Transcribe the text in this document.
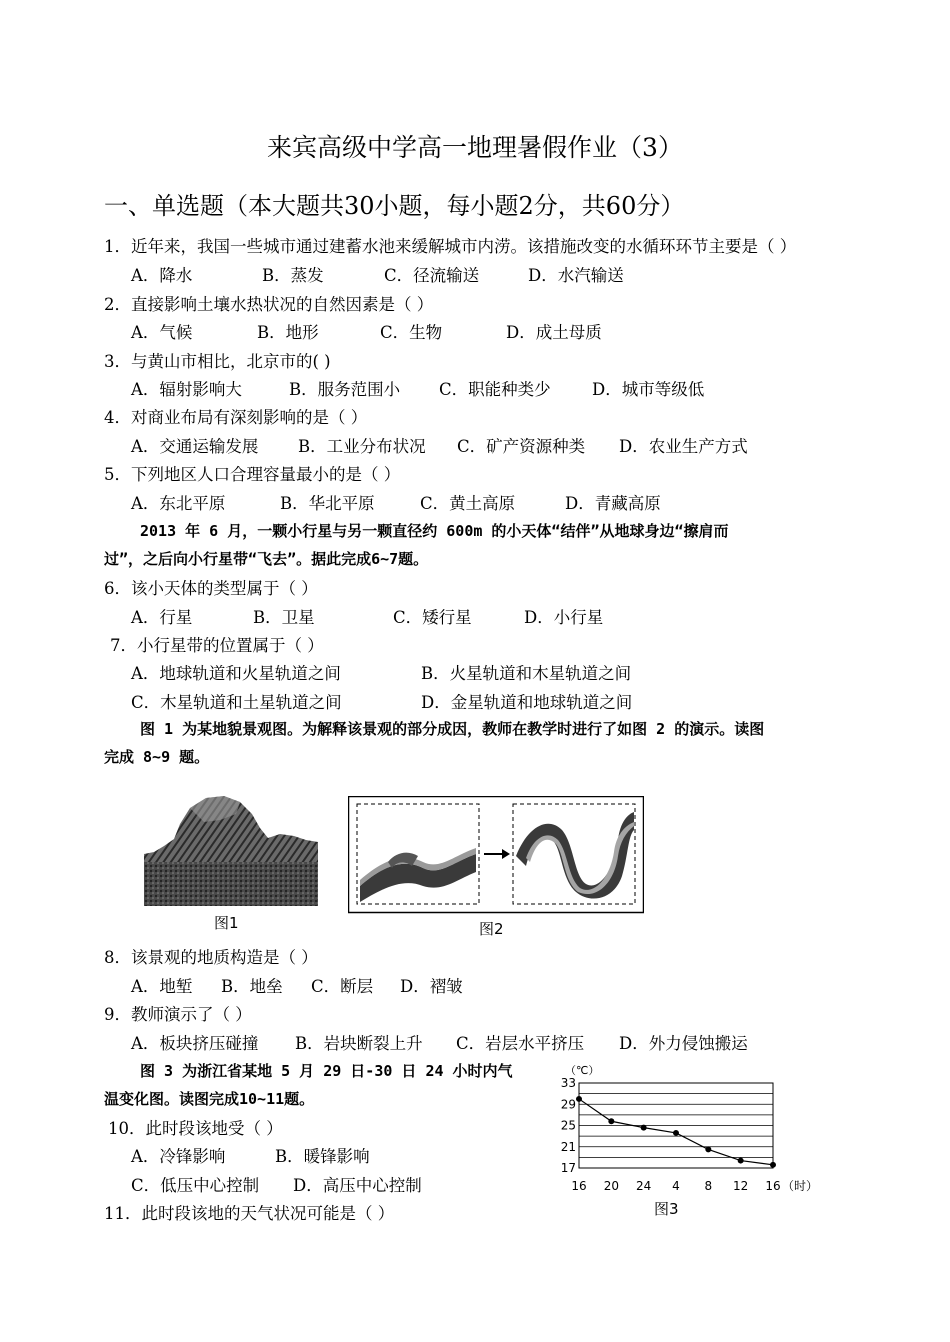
来宾高级中学高一地理暑假作业（3）
一、单选题（本大题共30小题，每小题2分，共60分）
1．近年来，我国一些城市通过建蓄水池来缓解城市内涝。该措施改变的水循环环节主要是（ ）
A．降水	B．蒸发	C．径流输送	D．水汽输送
2．直接影响土壤水热状况的自然因素是（ ）
A．气候	B．地形	C．生物	D．成土母质
3．与黄山市相比，北京市的( )
A．辐射影响大	B．服务范围小 C．职能种类少	D．城市等级低
4．对商业布局有深刻影响的是（ ）
A．交通运输发展 B．工业分布状况 C．矿产资源种类 D．农业生产方式
5．下列地区人口合理容量最小的是（ ）
A．东北平原	B．华北平原	C．黄土高原	D．青藏高原
2013 年 6 月，一颗小行星与另一颗直径约 600m 的小天体“结伴”从地球身边“擦肩而
过”，之后向小行星带“飞去”。据此完成6~7题。
6．该小天体的类型属于（ ）
A．行星	B．卫星	C．矮行星	D．小行星
7．小行星带的位置属于（ ）
A．地球轨道和火星轨道之间	B．火星轨道和木星轨道之间
C．木星轨道和土星轨道之间	D．金星轨道和地球轨道之间
图 1 为某地貌景观图。为解释该景观的部分成因，教师在教学时进行了如图 2 的演示。读图
完成 8~9 题。
图1	图2
8．该景观的地质构造是（ ）
A．地堑 B．地垒 C．断层 D．褶皱
9．教师演示了（ ）
A．板块挤压碰撞 B．岩块断裂上升 C．岩层水平挤压 D．外力侵蚀搬运
图 3 为浙江省某地 5 月 29 日-30 日 24 小时内气
温变化图。读图完成10~11题。
10．此时段该地受（ ）
A．冷锋影响	B．暖锋影响
C．低压中心控制 D．高压中心控制
11．此时段该地的天气状况可能是（ ）
（℃）
（时）
17
21
25
29
33
16 20 24 4 8 12 16
图3
